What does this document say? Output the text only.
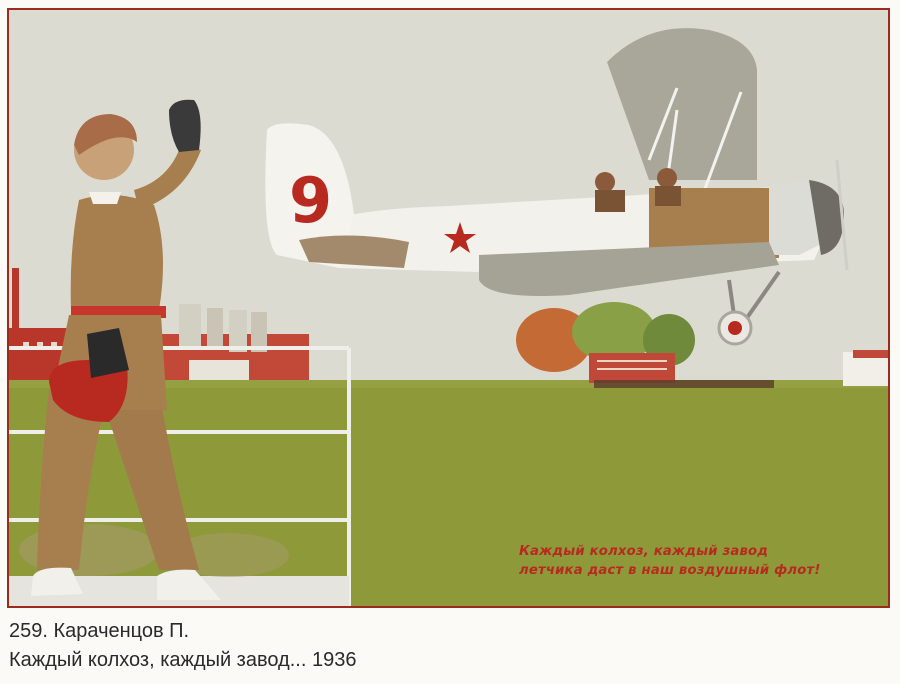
9
Каждый колхоз, каждый завод
летчика даст в наш воздушный флот!
259. Караченцов П.
Каждый колхоз, каждый завод... 1936
